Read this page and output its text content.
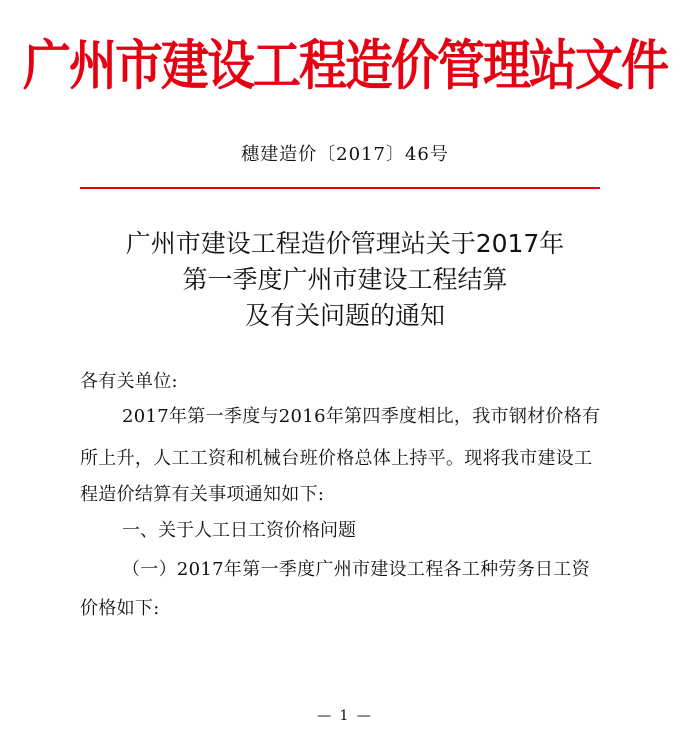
广州市建设工程造价管理站文件
穗建造价〔2017〕46号
广州市建设工程造价管理站关于2017年
第一季度广州市建设工程结算
及有关问题的通知
各有关单位:
2017年第一季度与2016年第四季度相比，我市钢材价格有
所上升，人工工资和机械台班价格总体上持平。现将我市建设工
程造价结算有关事项通知如下:
一、关于人工日工资价格问题
（一）2017年第一季度广州市建设工程各工种劳务日工资
价格如下:
— 1 —
